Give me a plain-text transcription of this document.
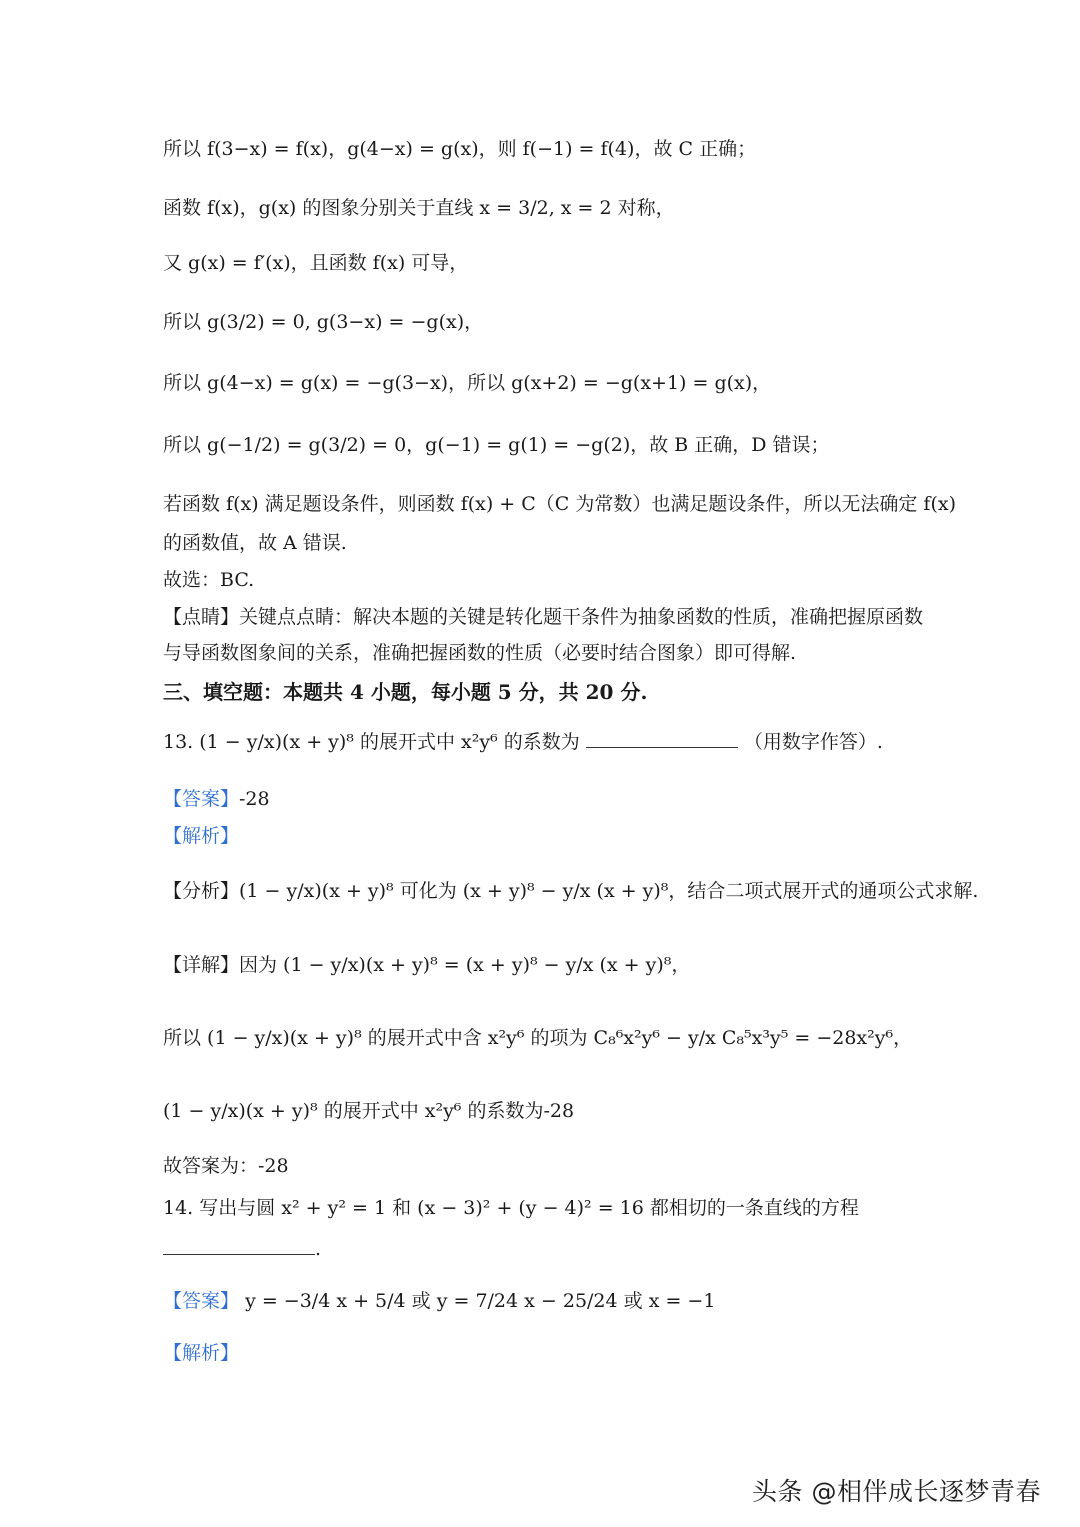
所以 f(3−x) = f(x)，g(4−x) = g(x)，则 f(−1) = f(4)，故 C 正确；
函数 f(x)，g(x) 的图象分别关于直线 x = 3/2, x = 2 对称，
又 g(x) = f′(x)，且函数 f(x) 可导，
所以 g(3/2) = 0, g(3−x) = −g(x)，
所以 g(4−x) = g(x) = −g(3−x)，所以 g(x+2) = −g(x+1) = g(x)，
所以 g(−1/2) = g(3/2) = 0，g(−1) = g(1) = −g(2)，故 B 正确，D 错误；
若函数 f(x) 满足题设条件，则函数 f(x) + C（C 为常数）也满足题设条件，所以无法确定 f(x)
的函数值，故 A 错误.
故选：BC.
【点睛】关键点点睛：解决本题的关键是转化题干条件为抽象函数的性质，准确把握原函数
与导函数图象间的关系，准确把握函数的性质（必要时结合图象）即可得解.
三、填空题：本题共 4 小题，每小题 5 分，共 20 分.
13. (1 − y/x)(x + y)⁸ 的展开式中 x²y⁶ 的系数为	（用数字作答）.
【答案】-28
【解析】
【分析】(1 − y/x)(x + y)⁸ 可化为 (x + y)⁸ − y/x (x + y)⁸，结合二项式展开式的通项公式求解.
【详解】因为 (1 − y/x)(x + y)⁸ = (x + y)⁸ − y/x (x + y)⁸，
所以 (1 − y/x)(x + y)⁸ 的展开式中含 x²y⁶ 的项为 C₈⁶x²y⁶ − y/x C₈⁵x³y⁵ = −28x²y⁶，
(1 − y/x)(x + y)⁸ 的展开式中 x²y⁶ 的系数为-28
故答案为：-28
14. 写出与圆 x² + y² = 1 和 (x − 3)² + (y − 4)² = 16 都相切的一条直线的方程
.
【答案】 y = −3/4 x + 5/4 或 y = 7/24 x − 25/24 或 x = −1
【解析】
头条 @相伴成长逐梦青春
